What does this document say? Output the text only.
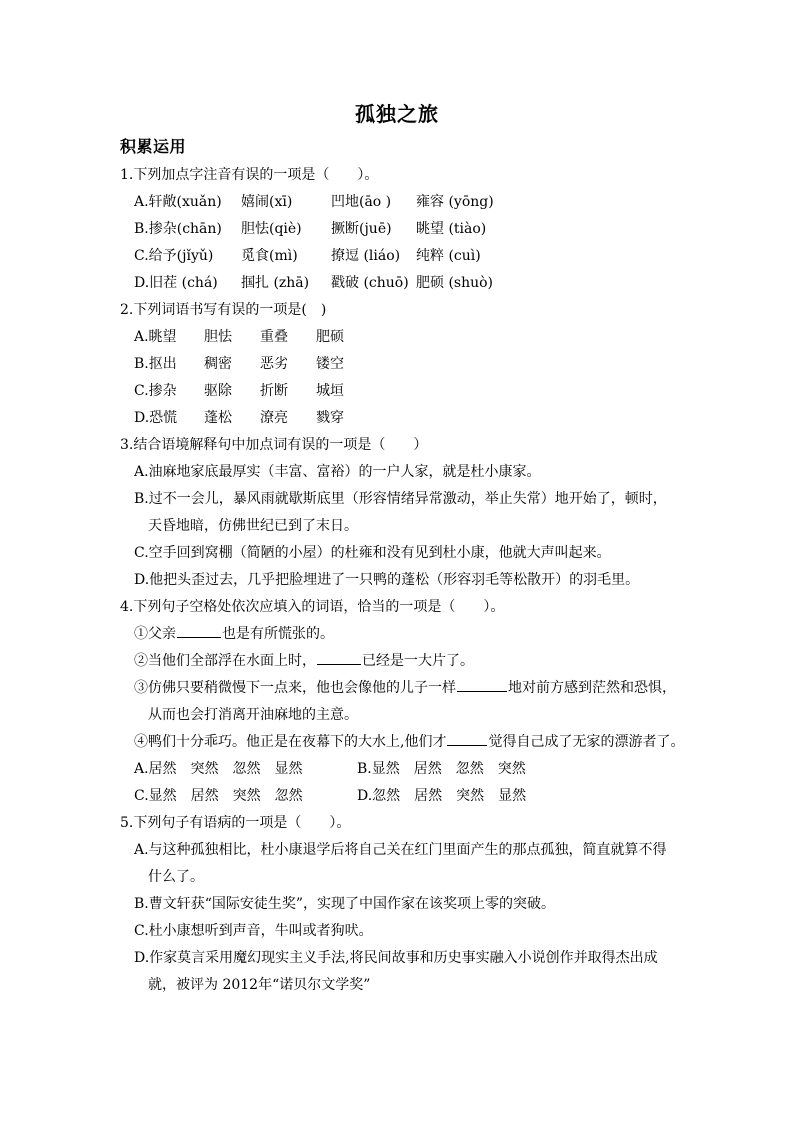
孤独之旅
积累运用

1.下列加点字注音有误的一项是（　　）。

A.轩敞(xuǎn)	嬉闹(xī)	凹地(āo )	雍容 (yōng)
B.掺杂(chān)	胆怯(qiè)	撅断(juē)	眺望 (tiào)
C.给予(jǐyǔ)	觅食(mì)	撩逗 (liáo)	纯粹 (cuì)
D.旧茬 (chá)	掴扎 (zhā)	戳破 (chuō) 肥硕 (shuò)

2.下列词语书写有误的一项是(　)

A.眺望	胆怯	重叠	肥硕
B.抠出	稠密	恶劣	镂空
C.掺杂	驱除	折断	城垣
D.恐慌	蓬松	潦亮	戮穿

3.结合语境解释句中加点词有误的一项是（　　）

A.油麻地家底最厚实（丰富、富裕）的一户人家，就是杜小康家。

B.过不一会儿，暴风雨就歇斯底里（形容情绪异常激动，举止失常）地开始了，顿时，天昏地暗，仿佛世纪已到了末日。

C.空手回到窝棚（简陋的小屋）的杜雍和没有见到杜小康，他就大声叫起来。

D.他把头歪过去，几乎把脸埋进了一只鸭的蓬松（形容羽毛等松散开）的羽毛里。

4.下列句子空格处依次应填入的词语，恰当的一项是（　　）。

①父亲	也是有所慌张的。

②当他们全部浮在水面上时，	已经是一大片了。

③仿佛只要稍微慢下一点来，他也会像他的儿子一样	地对前方感到茫然和恐惧，

从而也会打消离开油麻地的主意。

④鸭们十分乖巧。他正是在夜幕下的大水上,他们才	觉得自己成了无家的漂游者了。

A.居然　突然　忽然　显然	B.显然　居然　忽然　突然
C.显然　居然　突然　忽然	D.忽然　居然　突然　显然

5.下列句子有语病的一项是（　　）。

A.与这种孤独相比，杜小康退学后将自己关在红门里面产生的那点孤独，简直就算不得什么了。

B.曹文轩获“国际安徒生奖”，实现了中国作家在该奖项上零的突破。

C.杜小康想听到声音，牛叫或者狗吠。

D.作家莫言采用魔幻现实主义手法,将民间故事和历史事实融入小说创作并取得杰出成就，被评为 2012年“诺贝尔文学奖”
